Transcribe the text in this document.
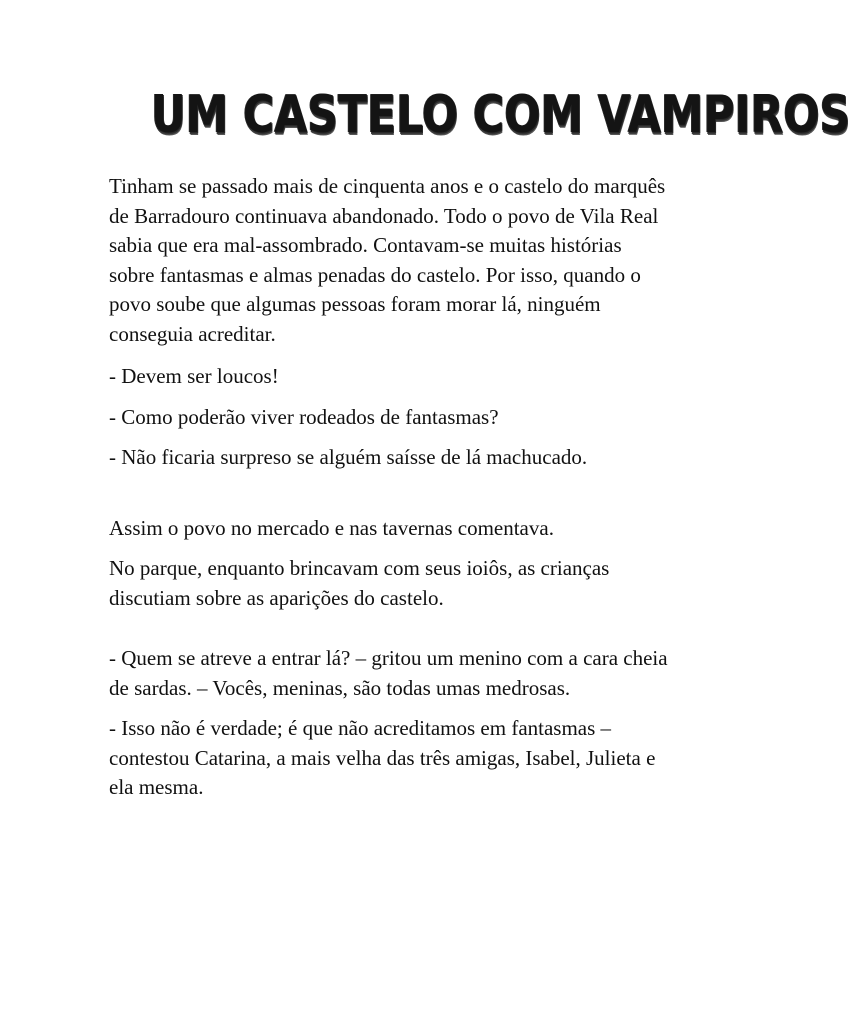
UM CASTELO COM VAMPIROS

Tinham se passado mais de cinquenta anos e o castelo do marquês de Barradouro continuava abandonado. Todo o povo de Vila Real sabia que era mal-assombrado. Contavam-se muitas histórias sobre fantasmas e almas penadas do castelo. Por isso, quando o povo soube que algumas pessoas foram morar lá, ninguém conseguia acreditar.

- Devem ser loucos!

- Como poderão viver rodeados de fantasmas?

- Não ficaria surpreso se alguém saísse de lá machucado.

Assim o povo no mercado e nas tavernas comentava.

No parque, enquanto brincavam com seus ioiôs, as crianças discutiam sobre as aparições do castelo.

- Quem se atreve a entrar lá? – gritou um menino com a cara cheia de sardas. – Vocês, meninas, são todas umas medrosas.

- Isso não é verdade; é que não acreditamos em fantasmas – contestou Catarina, a mais velha das três amigas, Isabel, Julieta e ela mesma.
